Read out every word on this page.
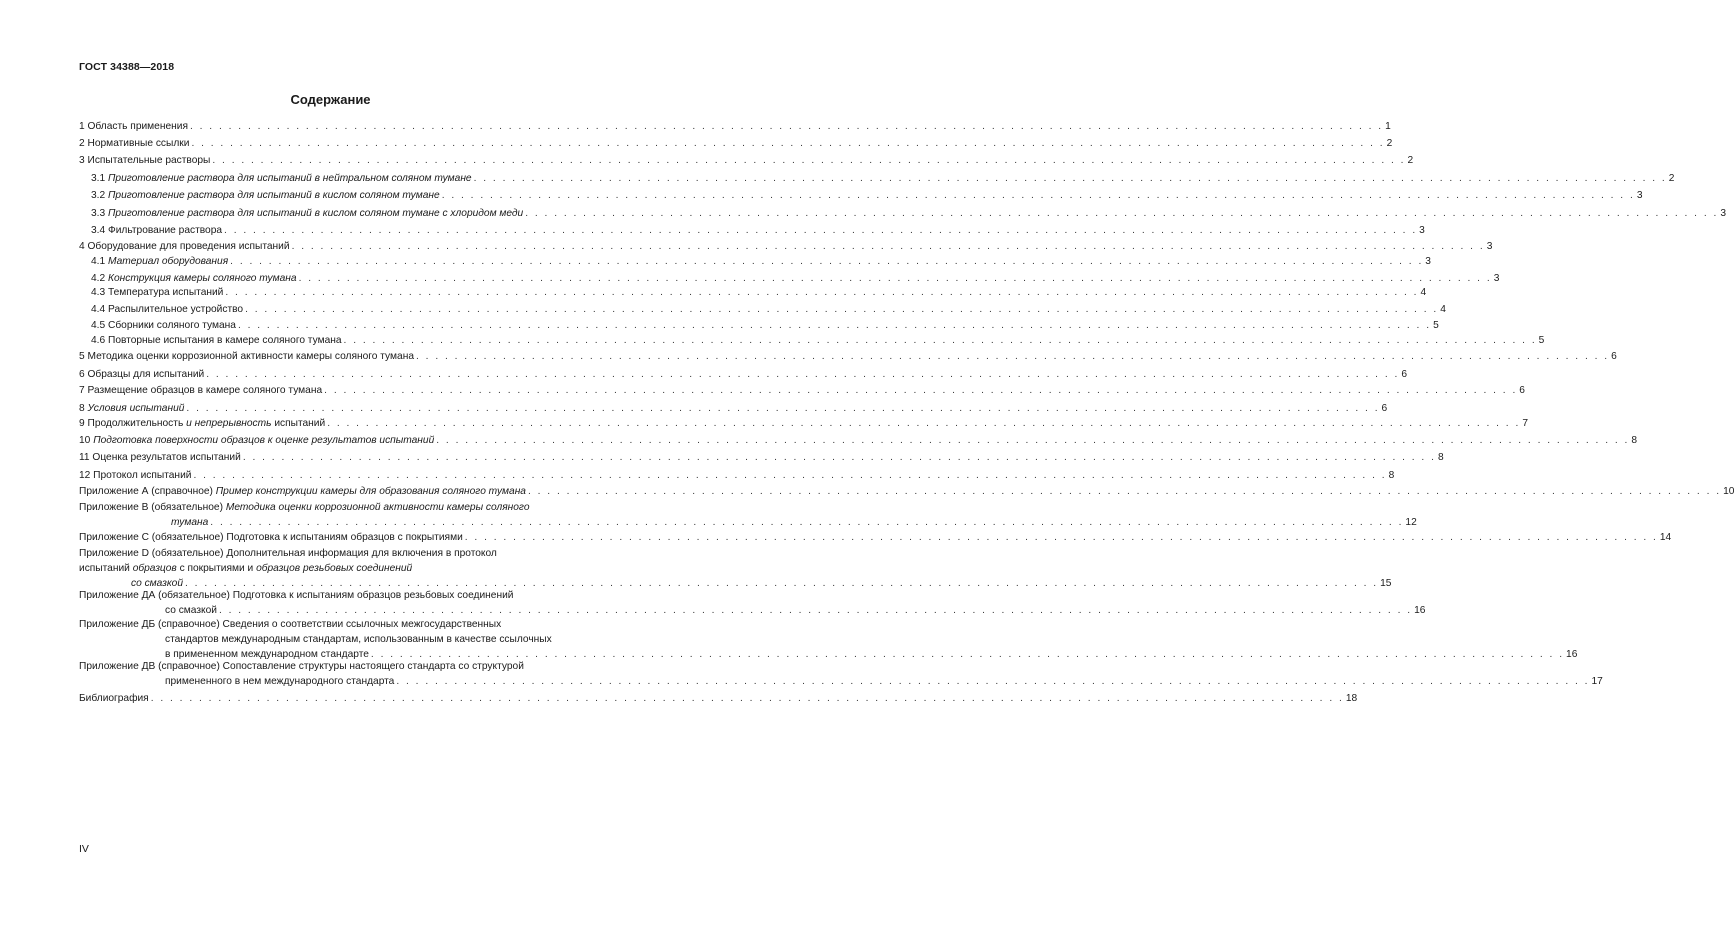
ГОСТ 34388—2018
Содержание
1 Область применения . . . . . . . . . . . . . . . . . . . . . . . . . . . . . . . . . . . . . . . . . . . . . . . . . . . . . . . . . . . . . . . . . . . . . . . . . . . . . . . . . . . . . . . . . . . . . . . . . . . . . . . . . . . . . . . . . . . . . . . . . . . . 1
2 Нормативные ссылки . . . . . . . . . . . . . . . . . . . . . . . . . . . . . . . . . . . . . . . . . . . . . . . . . . . . . . . . . . . . . . . . . . . . . . . . . . . . . . . . . . . . . . . . . . . . . . . . . . . . . . . . . . . . . . . . . . . . . . . . . . . . 2
3 Испытательные растворы . . . . . . . . . . . . . . . . . . . . . . . . . . . . . . . . . . . . . . . . . . . . . . . . . . . . . . . . . . . . . . . . . . . . . . . . . . . . . . . . . . . . . . . . . . . . . . . . . . . . . . . . . . . . . . . . . . . . . . . . . . . . 2
3.1 Приготовление раствора для испытаний в нейтральном соляном тумане . . . . . . . . . . . . . . . . . . . . . . . . . . . . . . . . . . . . . . . . . . . . . . . . . . . . . . . . . . . . . . . . . . . . . . . . . . . . . . . . . . . . . . . . . . . . . . . . . . . . . . . . . . . . . . . . . . . . . . . . . . . . 2
3.2 Приготовление раствора для испытаний в кислом соляном тумане . . . . . . . . . . . . . . . . . . . . . . . . . . . . . . . . . . . . . . . . . . . . . . . . . . . . . . . . . . . . . . . . . . . . . . . . . . . . . . . . . . . . . . . . . . . . . . . . . . . . . . . . . . . . . . . . . . . . . . . . . . . . 3
3.3 Приготовление раствора для испытаний в кислом соляном тумане с хлоридом меди . . . . . . . . . . . . . . . . . . . . . . . . . . . . . . . . . . . . . . . . . . . . . . . . . . . . . . . . . . . . . . . . . . . . . . . . . . . . . . . . . . . . . . . . . . . . . . . . . . . . . . . . . . . . . . . . . . . . . . . . . . . . 3
3.4 Фильтрование раствора . . . . . . . . . . . . . . . . . . . . . . . . . . . . . . . . . . . . . . . . . . . . . . . . . . . . . . . . . . . . . . . . . . . . . . . . . . . . . . . . . . . . . . . . . . . . . . . . . . . . . . . . . . . . . . . . . . . . . . . . . . . . 3
4 Оборудование для проведения испытаний . . . . . . . . . . . . . . . . . . . . . . . . . . . . . . . . . . . . . . . . . . . . . . . . . . . . . . . . . . . . . . . . . . . . . . . . . . . . . . . . . . . . . . . . . . . . . . . . . . . . . . . . . . . . . . . . . . . . . . . . . . . . 3
4.1 Материал оборудования . . . . . . . . . . . . . . . . . . . . . . . . . . . . . . . . . . . . . . . . . . . . . . . . . . . . . . . . . . . . . . . . . . . . . . . . . . . . . . . . . . . . . . . . . . . . . . . . . . . . . . . . . . . . . . . . . . . . . . . . . . . . 3
4.2 Конструкция камеры соляного тумана . . . . . . . . . . . . . . . . . . . . . . . . . . . . . . . . . . . . . . . . . . . . . . . . . . . . . . . . . . . . . . . . . . . . . . . . . . . . . . . . . . . . . . . . . . . . . . . . . . . . . . . . . . . . . . . . . . . . . . . . . . . . 3
4.3 Температура испытаний . . . . . . . . . . . . . . . . . . . . . . . . . . . . . . . . . . . . . . . . . . . . . . . . . . . . . . . . . . . . . . . . . . . . . . . . . . . . . . . . . . . . . . . . . . . . . . . . . . . . . . . . . . . . . . . . . . . . . . . . . . . . 4
4.4 Распылительное устройство . . . . . . . . . . . . . . . . . . . . . . . . . . . . . . . . . . . . . . . . . . . . . . . . . . . . . . . . . . . . . . . . . . . . . . . . . . . . . . . . . . . . . . . . . . . . . . . . . . . . . . . . . . . . . . . . . . . . . . . . . . . . 4
4.5 Сборники соляного тумана . . . . . . . . . . . . . . . . . . . . . . . . . . . . . . . . . . . . . . . . . . . . . . . . . . . . . . . . . . . . . . . . . . . . . . . . . . . . . . . . . . . . . . . . . . . . . . . . . . . . . . . . . . . . . . . . . . . . . . . . . . . . 5
4.6 Повторные испытания в камере соляного тумана . . . . . . . . . . . . . . . . . . . . . . . . . . . . . . . . . . . . . . . . . . . . . . . . . . . . . . . . . . . . . . . . . . . . . . . . . . . . . . . . . . . . . . . . . . . . . . . . . . . . . . . . . . . . . . . . . . . . . . . . . . . . 5
5 Методика оценки коррозионной активности камеры соляного тумана . . . . . . . . . . . . . . . . . . . . . . . . . . . . . . . . . . . . . . . . . . . . . . . . . . . . . . . . . . . . . . . . . . . . . . . . . . . . . . . . . . . . . . . . . . . . . . . . . . . . . . . . . . . . . . . . . . . . . . . . . . . . 6
6 Образцы для испытаний . . . . . . . . . . . . . . . . . . . . . . . . . . . . . . . . . . . . . . . . . . . . . . . . . . . . . . . . . . . . . . . . . . . . . . . . . . . . . . . . . . . . . . . . . . . . . . . . . . . . . . . . . . . . . . . . . . . . . . . . . . . . 6
7 Размещение образцов в камере соляного тумана . . . . . . . . . . . . . . . . . . . . . . . . . . . . . . . . . . . . . . . . . . . . . . . . . . . . . . . . . . . . . . . . . . . . . . . . . . . . . . . . . . . . . . . . . . . . . . . . . . . . . . . . . . . . . . . . . . . . . . . . . . . . 6
8 Условия испытаний . . . . . . . . . . . . . . . . . . . . . . . . . . . . . . . . . . . . . . . . . . . . . . . . . . . . . . . . . . . . . . . . . . . . . . . . . . . . . . . . . . . . . . . . . . . . . . . . . . . . . . . . . . . . . . . . . . . . . . . . . . . . 6
9 Продолжительность и непрерывность испытаний . . . . . . . . . . . . . . . . . . . . . . . . . . . . . . . . . . . . . . . . . . . . . . . . . . . . . . . . . . . . . . . . . . . . . . . . . . . . . . . . . . . . . . . . . . . . . . . . . . . . . . . . . . . . . . . . . . . . . . . . . . . . 7
10 Подготовка поверхности образцов к оценке результатов испытаний . . . . . . . . . . . . . . . . . . . . . . . . . . . . . . . . . . . . . . . . . . . . . . . . . . . . . . . . . . . . . . . . . . . . . . . . . . . . . . . . . . . . . . . . . . . . . . . . . . . . . . . . . . . . . . . . . . . . . . . . . . . . 8
11 Оценка результатов испытаний . . . . . . . . . . . . . . . . . . . . . . . . . . . . . . . . . . . . . . . . . . . . . . . . . . . . . . . . . . . . . . . . . . . . . . . . . . . . . . . . . . . . . . . . . . . . . . . . . . . . . . . . . . . . . . . . . . . . . . . . . . . . 8
12 Протокол испытаний . . . . . . . . . . . . . . . . . . . . . . . . . . . . . . . . . . . . . . . . . . . . . . . . . . . . . . . . . . . . . . . . . . . . . . . . . . . . . . . . . . . . . . . . . . . . . . . . . . . . . . . . . . . . . . . . . . . . . . . . . . . . 8
Приложение А (справочное) Пример конструкции камеры для образования соляного тумана . . . . . . . . . . . . . . . . . . . . . . . . . . . . . . . . . . . . . . . . . . . . . . . . . . . . . . . . . . . . . . . . . . . . . . . . . . . . . . . . . . . . . . . . . . . . . . . . . . . . . . . . . . . . . . . . . . . . . . . . . . . . 10
Приложение В (обязательное) Методика оценки коррозионной активности камеры соляного
тумана . . . . . . . . . . . . . . . . . . . . . . . . . . . . . . . . . . . . . . . . . . . . . . . . . . . . . . . . . . . . . . . . . . . . . . . . . . . . . . . . . . . . . . . . . . . . . . . . . . . . . . . . . . . . . . . . . . . . . . . . . . . . 12
Приложение С (обязательное) Подготовка к испытаниям образцов с покрытиями . . . . . . . . . . . . . . . . . . . . . . . . . . . . . . . . . . . . . . . . . . . . . . . . . . . . . . . . . . . . . . . . . . . . . . . . . . . . . . . . . . . . . . . . . . . . . . . . . . . . . . . . . . . . . . . . . . . . . . . . . . . . 14
Приложение D (обязательное) Дополнительная информация для включения в протокол
испытаний образцов с покрытиями и образцов резьбовых соединений
со смазкой . . . . . . . . . . . . . . . . . . . . . . . . . . . . . . . . . . . . . . . . . . . . . . . . . . . . . . . . . . . . . . . . . . . . . . . . . . . . . . . . . . . . . . . . . . . . . . . . . . . . . . . . . . . . . . . . . . . . . . . . . . . . 15
Приложение ДА (обязательное) Подготовка к испытаниям образцов резьбовых соединений
со смазкой . . . . . . . . . . . . . . . . . . . . . . . . . . . . . . . . . . . . . . . . . . . . . . . . . . . . . . . . . . . . . . . . . . . . . . . . . . . . . . . . . . . . . . . . . . . . . . . . . . . . . . . . . . . . . . . . . . . . . . . . . . . . 16
Приложение ДБ (справочное) Сведения о соответствии ссылочных межгосударственных
стандартов международным стандартам, использованным в качестве ссылочных
в примененном международном стандарте . . . . . . . . . . . . . . . . . . . . . . . . . . . . . . . . . . . . . . . . . . . . . . . . . . . . . . . . . . . . . . . . . . . . . . . . . . . . . . . . . . . . . . . . . . . . . . . . . . . . . . . . . . . . . . . . . . . . . . . . . . . . 16
Приложение ДВ (справочное) Сопоставление структуры настоящего стандарта со структурой
примененного в нем международного стандарта . . . . . . . . . . . . . . . . . . . . . . . . . . . . . . . . . . . . . . . . . . . . . . . . . . . . . . . . . . . . . . . . . . . . . . . . . . . . . . . . . . . . . . . . . . . . . . . . . . . . . . . . . . . . . . . . . . . . . . . . . . . . 17
Библиография . . . . . . . . . . . . . . . . . . . . . . . . . . . . . . . . . . . . . . . . . . . . . . . . . . . . . . . . . . . . . . . . . . . . . . . . . . . . . . . . . . . . . . . . . . . . . . . . . . . . . . . . . . . . . . . . . . . . . . . . . . . . 18
IV
